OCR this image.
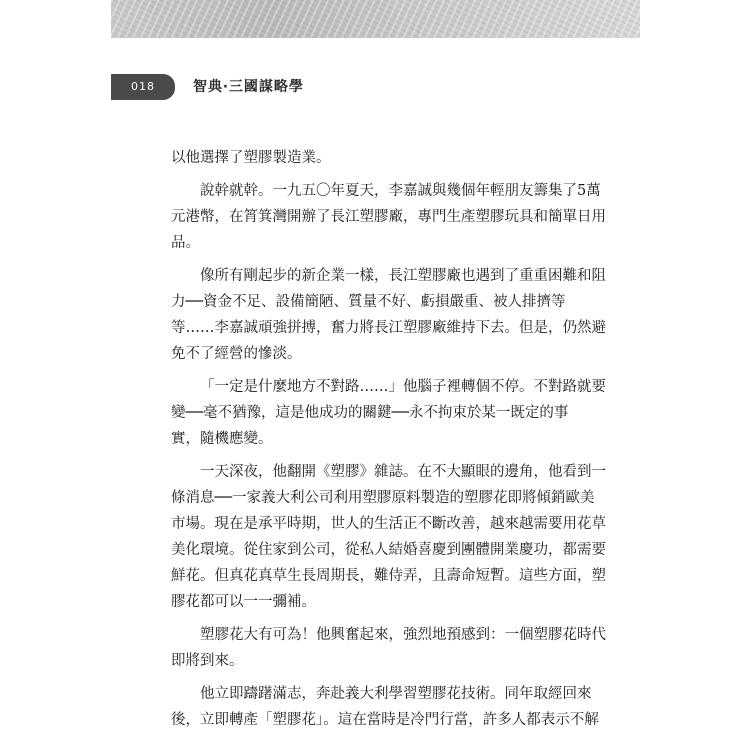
018	智典‧三國謀略學
以他選擇了塑膠製造業。
說幹就幹。一九五〇年夏天，李嘉誠與幾個年輕朋友籌集了5萬
元港幣，在筲箕灣開辦了長江塑膠廠，專門生產塑膠玩具和簡單日用
品。
像所有剛起步的新企業一樣，長江塑膠廠也遇到了重重困難和阻
力──資金不足、設備簡陋、質量不好、虧損嚴重、被人排擠等
等……李嘉誠頑強拼搏，奮力將長江塑膠廠維持下去。但是，仍然避
免不了經營的慘淡。
「一定是什麼地方不對路……」他腦子裡轉個不停。不對路就要
變──毫不猶豫，這是他成功的關鍵──永不拘束於某一既定的事
實，隨機應變。
一天深夜，他翻開《塑膠》雜誌。在不大顯眼的邊角，他看到一
條消息──一家義大利公司利用塑膠原料製造的塑膠花即將傾銷歐美
市場。現在是承平時期，世人的生活正不斷改善，越來越需要用花草
美化環境。從住家到公司，從私人結婚喜慶到團體開業慶功，都需要
鮮花。但真花真草生長周期長，難侍弄，且壽命短暫。這些方面，塑
膠花都可以一一彌補。
塑膠花大有可為！他興奮起來，強烈地預感到：一個塑膠花時代
即將到來。
他立即躊躇滿志，奔赴義大利學習塑膠花技術。同年取經回來
後，立即轉產「塑膠花」。這在當時是冷門行當，許多人都表示不解
